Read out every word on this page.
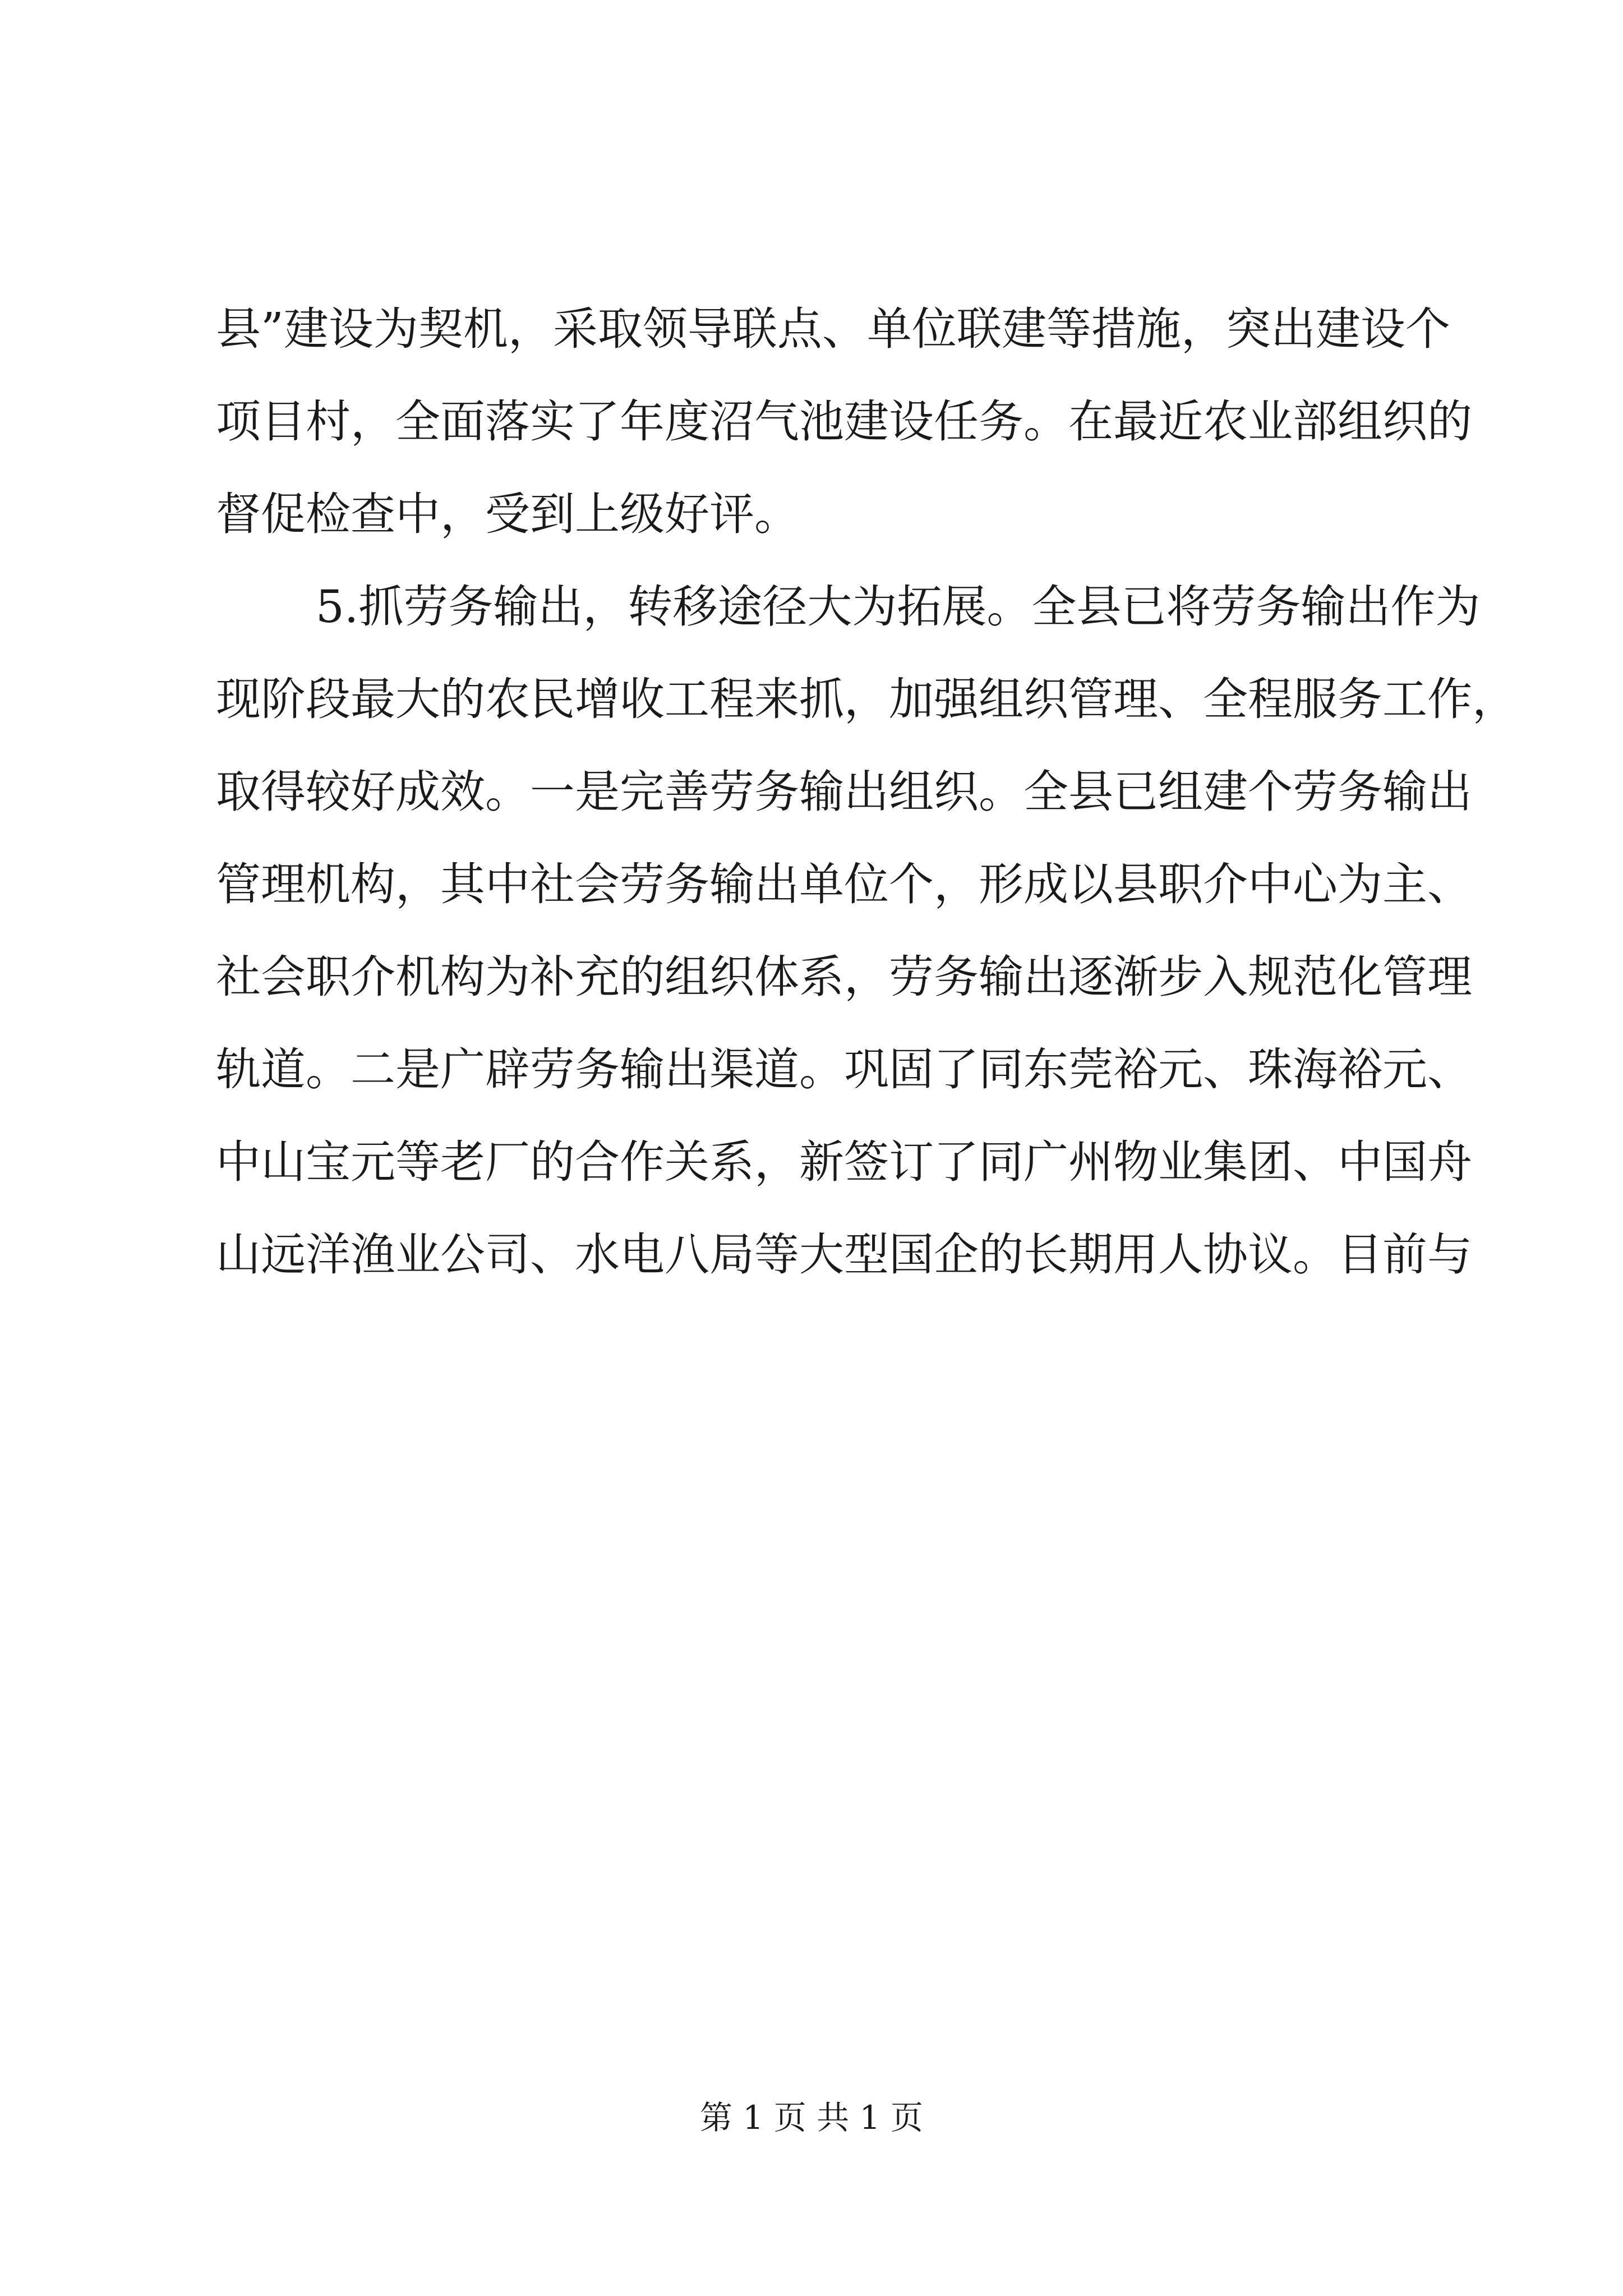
县”建设为契机，采取领导联点、单位联建等措施，突出建设个
项目村，全面落实了年度沼气池建设任务。在最近农业部组织的
督促检查中，受到上级好评。
5.抓劳务输出，转移途径大为拓展。全县已将劳务输出作为
现阶段最大的农民增收工程来抓，加强组织管理、全程服务工作，
取得较好成效。一是完善劳务输出组织。全县已组建个劳务输出
管理机构，其中社会劳务输出单位个，形成以县职介中心为主、
社会职介机构为补充的组织体系，劳务输出逐渐步入规范化管理
轨道。二是广辟劳务输出渠道。巩固了同东莞裕元、珠海裕元、
中山宝元等老厂的合作关系，新签订了同广州物业集团、中国舟
山远洋渔业公司、水电八局等大型国企的长期用人协议。目前与
第 1 页 共 1 页
